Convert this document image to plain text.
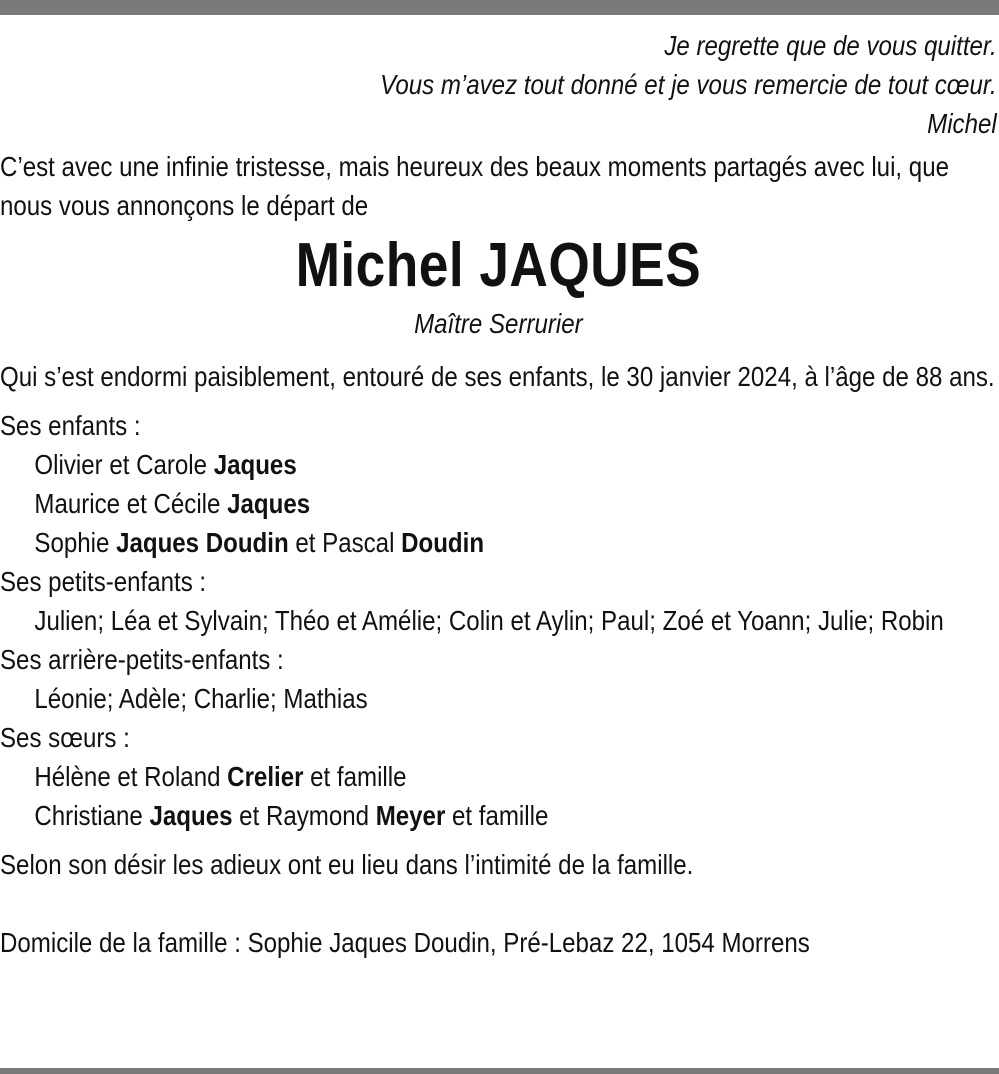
Je regrette que de vous quitter.
Vous m’avez tout donné et je vous remercie de tout cœur.
Michel
C’est avec une infinie tristesse, mais heureux des beaux moments partagés avec lui, que nous vous annonçons le départ de
Michel JAQUES
Maître Serrurier
Qui s’est endormi paisiblement, entouré de ses enfants, le 30 janvier 2024, à l’âge de 88 ans.
Ses enfants :
Olivier et Carole Jaques
Maurice et Cécile Jaques
Sophie Jaques Doudin et Pascal Doudin
Ses petits-enfants :
Julien; Léa et Sylvain; Théo et Amélie; Colin et Aylin; Paul; Zoé et Yoann; Julie; Robin
Ses arrière-petits-enfants :
Léonie; Adèle; Charlie; Mathias
Ses sœurs :
Hélène et Roland Crelier et famille
Christiane Jaques et Raymond Meyer et famille
Selon son désir les adieux ont eu lieu dans l’intimité de la famille.
Domicile de la famille : Sophie Jaques Doudin, Pré-Lebaz 22, 1054 Morrens
